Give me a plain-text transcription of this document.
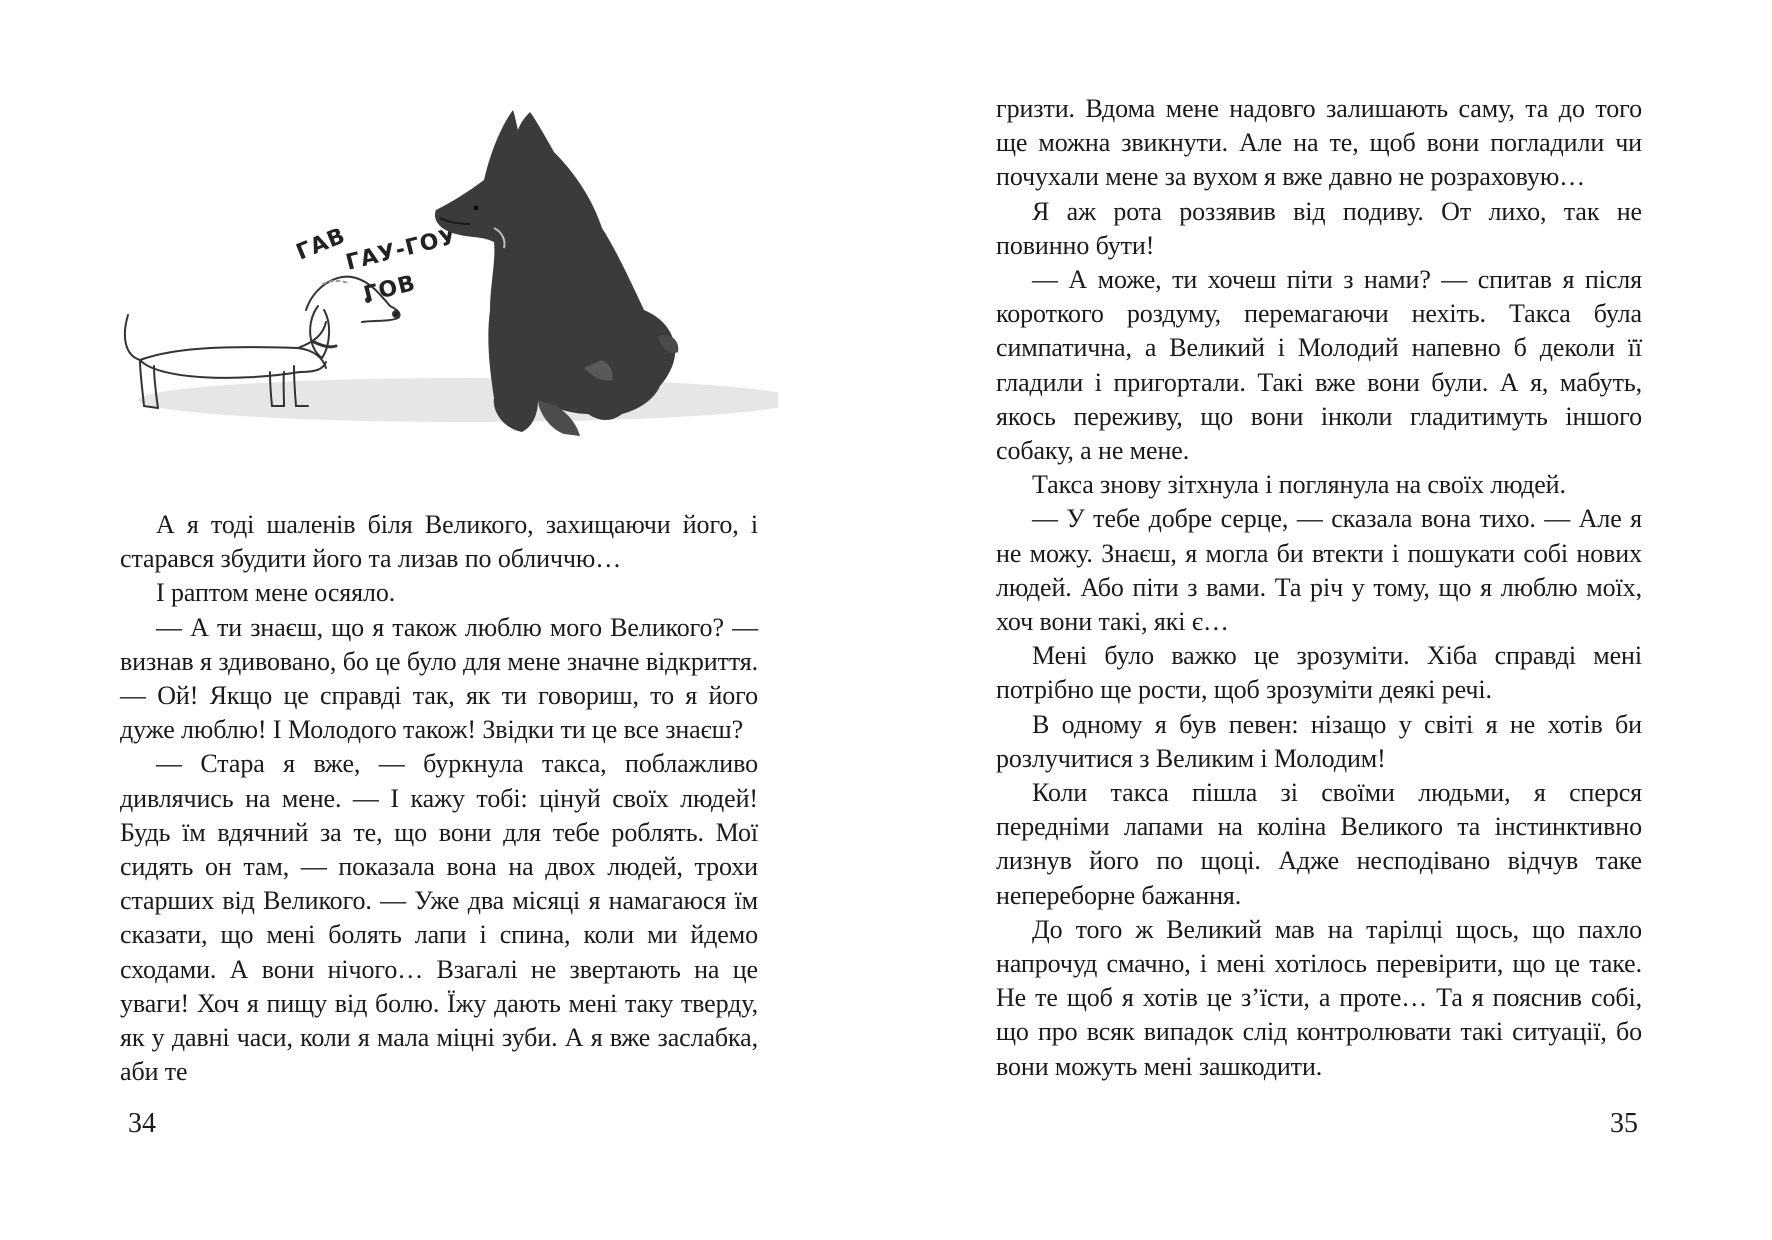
ГАВ
ГАУ-ГОУ
ГОВ

А я тоді шаленів біля Великого, захищаючи його, і старався збудити його та лизав по обличчю…

І раптом мене осяяло.

— А ти знаєш, що я також люблю мого Великого? — визнав я здивовано, бо це було для мене значне відкриття. — Ой! Якщо це справді так, як ти говориш, то я його дуже люблю! І Молодого також! Звідки ти це все знаєш?

— Стара я вже, — буркнула такса, поблажливо дивлячись на мене. — І кажу тобі: цінуй своїх людей! Будь їм вдячний за те, що вони для тебе роблять. Мої сидять он там, — показала вона на двох людей, трохи старших від Великого. — Уже два місяці я намагаюся їм сказати, що мені болять лапи і спина, коли ми йдемо сходами. А вони нічого… Взагалі не звертають на це уваги! Хоч я пищу від болю. Їжу дають мені таку тверду, як у давні часи, коли я мала міцні зуби. А я вже заслабка, аби те

34

гризти. Вдома мене надовго залишають саму, та до того ще можна звикнути. Але на те, щоб вони погладили чи почухали мене за вухом я вже давно не розраховую…

Я аж рота роззявив від подиву. От лихо, так не повинно бути!

— А може, ти хочеш піти з нами? — спитав я після короткого роздуму, перемагаючи нехіть. Такса була симпатична, а Великий і Молодий напевно б деколи її гладили і пригортали. Такі вже вони були. А я, мабуть, якось переживу, що вони інколи гладитимуть іншого собаку, а не мене.

Такса знову зітхнула і поглянула на своїх людей.

— У тебе добре серце, — сказала вона тихо. — Але я не можу. Знаєш, я могла би втекти і пошукати собі нових людей. Або піти з вами. Та річ у тому, що я люблю моїх, хоч вони такі, які є…

Мені було важко це зрозуміти. Хіба справді мені потрібно ще рости, щоб зрозуміти деякі речі.

В одному я був певен: нізащо у світі я не хотів би розлучитися з Великим і Молодим!

Коли такса пішла зі своїми людьми, я сперся передніми лапами на коліна Великого та інстинктивно лизнув його по щоці. Адже несподівано відчув таке непереборне бажання.

До того ж Великий мав на тарілці щось, що пахло напрочуд смачно, і мені хотілось перевірити, що це таке. Не те щоб я хотів це з’їсти, а проте… Та я пояснив собі, що про всяк випадок слід контролювати такі ситуації, бо вони можуть мені зашкодити.

35
